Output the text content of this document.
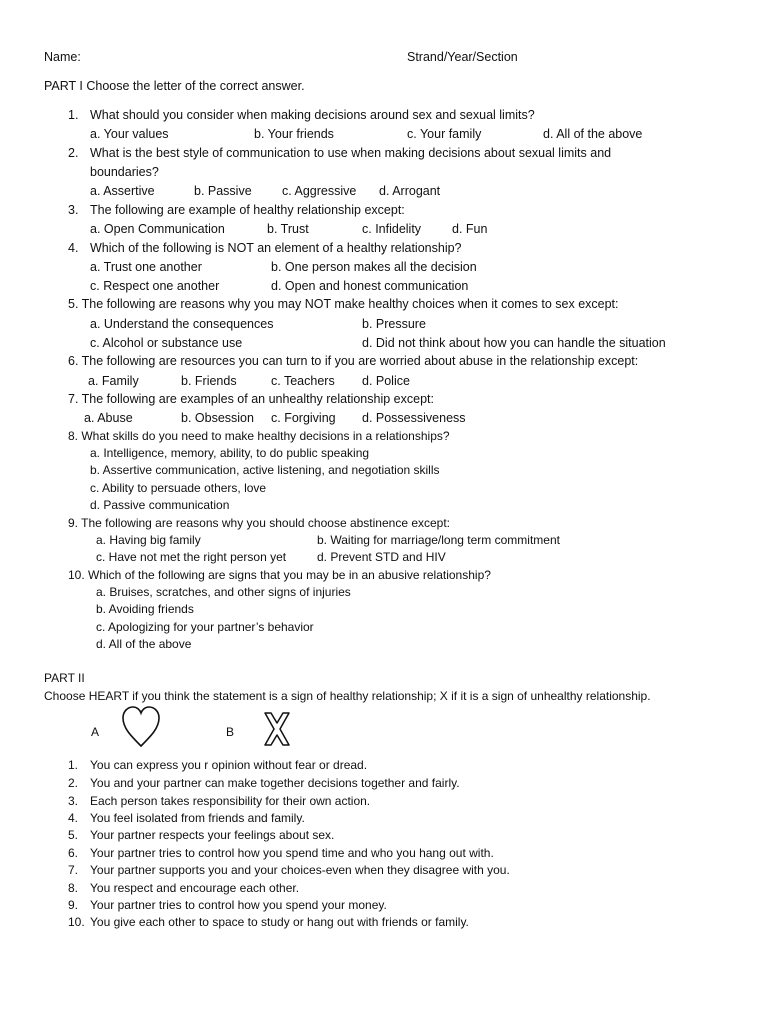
Name:	Strand/Year/Section
PART I Choose the letter of the correct answer.
1. What should you consider when making decisions around sex and sexual limits?
a. Your values	b. Your friends	c. Your family	d. All of the above
2. What is the best style of communication to use when making decisions about sexual limits and
boundaries?
a. Assertive	b. Passive c. Aggressive d. Arrogant
3. The following are example of healthy relationship except:
a. Open Communication	b. Trust	c. Infidelity d. Fun
4. Which of the following is NOT an element of a healthy relationship?
a. Trust one another	b. One person makes all the decision
c. Respect one another	d. Open and honest communication
5. The following are reasons why you may NOT make healthy choices when it comes to sex except:
a. Understand the consequences	b. Pressure
c. Alcohol or substance use	d. Did not think about how you can handle the situation
6. The following are resources you can turn to if you are worried about abuse in the relationship except:
a. Family	b. Friends	c. Teachers d. Police
7. The following are examples of an unhealthy relationship except:
a. Abuse	b. Obsession c. Forgiving d. Possessiveness
8. What skills do you need to make healthy decisions in a relationships?
a. Intelligence, memory, ability, to do public speaking
b. Assertive communication, active listening, and negotiation skills
c. Ability to persuade others, love
d. Passive communication
9. The following are reasons why you should choose abstinence except:
a. Having big family	b. Waiting for marriage/long term commitment
c. Have not met the right person yet	d. Prevent STD and HIV
10. Which of the following are signs that you may be in an abusive relationship?
a. Bruises, scratches, and other signs of injuries
b. Avoiding friends
c. Apologizing for your partner’s behavior
d. All of the above
PART II
Choose HEART if you think the statement is a sign of healthy relationship; X if it is a sign of unhealthy relationship.
A	B
1. You can express you r opinion without fear or dread.
2. You and your partner can make together decisions together and fairly.
3. Each person takes responsibility for their own action.
4. You feel isolated from friends and family.
5. Your partner respects your feelings about sex.
6. Your partner tries to control how you spend time and who you hang out with.
7. Your partner supports you and your choices-even when they disagree with you.
8. You respect and encourage each other.
9. Your partner tries to control how you spend your money.
10. You give each other to space to study or hang out with friends or family.
